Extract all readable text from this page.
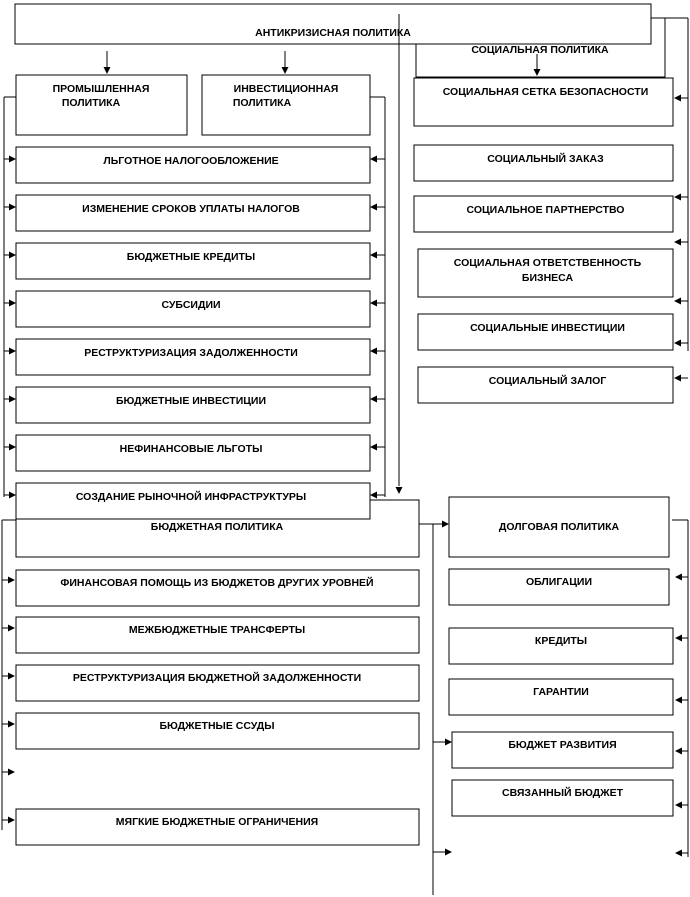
АНТИКРИЗИСНАЯ ПОЛИТИКА
СОЦИАЛЬНАЯ ПОЛИТИКА
ПРОМЫШЛЕННАЯ
ПОЛИТИКА
ИНВЕСТИЦИОННАЯ
ПОЛИТИКА
ЛЬГОТНОЕ НАЛОГООБЛОЖЕНИЕ
ИЗМЕНЕНИЕ СРОКОВ УПЛАТЫ НАЛОГОВ
БЮДЖЕТНЫЕ КРЕДИТЫ
СУБСИДИИ
РЕСТРУКТУРИЗАЦИЯ ЗАДОЛЖЕННОСТИ
БЮДЖЕТНЫЕ ИНВЕСТИЦИИ
НЕФИНАНСОВЫЕ ЛЬГОТЫ
СОЗДАНИЕ РЫНОЧНОЙ ИНФРАСТРУКТУРЫ
СОЦИАЛЬНАЯ СЕТКА БЕЗОПАСНОСТИ
СОЦИАЛЬНЫЙ ЗАКАЗ
СОЦИАЛЬНОЕ ПАРТНЕРСТВО
СОЦИАЛЬНАЯ ОТВЕТСТВЕННОСТЬ
БИЗНЕСА
СОЦИАЛЬНЫЕ ИНВЕСТИЦИИ
СОЦИАЛЬНЫЙ ЗАЛОГ
БЮДЖЕТНАЯ ПОЛИТИКА
ФИНАНСОВАЯ ПОМОЩЬ ИЗ БЮДЖЕТОВ ДРУГИХ УРОВНЕЙ
МЕЖБЮДЖЕТНЫЕ ТРАНСФЕРТЫ
РЕСТРУКТУРИЗАЦИЯ БЮДЖЕТНОЙ ЗАДОЛЖЕННОСТИ
БЮДЖЕТНЫЕ ССУДЫ
МЯГКИЕ БЮДЖЕТНЫЕ ОГРАНИЧЕНИЯ
ДОЛГОВАЯ ПОЛИТИКА
ОБЛИГАЦИИ
КРЕДИТЫ
ГАРАНТИИ
БЮДЖЕТ РАЗВИТИЯ
СВЯЗАННЫЙ БЮДЖЕТ
